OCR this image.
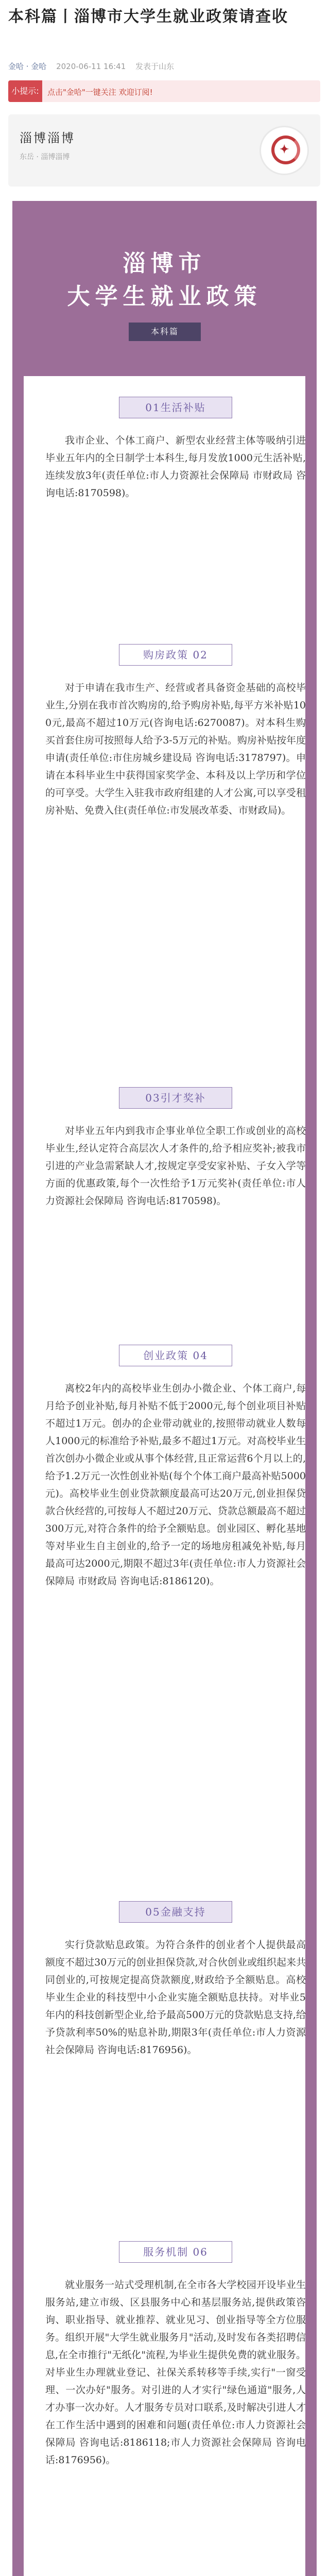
本科篇丨淄博市大学生就业政策请查收
金哈 · 金哈 2020-06-11 16:41 发表于山东
小提示:	点击"金哈"一键关注 欢迎订阅!
淄博淄博
东岳 · 淄博淄博
✦
淄博市
大学生就业政策
本科篇
01生活补贴

我市企业、个体工商户、新型农业经营主体等吸纳引进毕业五年内的全日制学士本科生,每月发放1000元生活补贴,连续发放3年(责任单位:市人力资源社会保障局 市财政局 咨询电话:8170598)。

购房政策 02

对于申请在我市生产、经营或者具备资金基础的高校毕业生,分别在我市首次购房的,给予购房补贴,每平方米补贴100元,最高不超过10万元(咨询电话:6270087)。对本科生购买首套住房可按照每人给予3-5万元的补贴。购房补贴按年度申请(责任单位:市住房城乡建设局 咨询电话:3178797)。申请在本科毕业生中获得国家奖学金、本科及以上学历和学位的可享受。大学生入驻我市政府组建的人才公寓,可以享受租房补贴、免费入住(责任单位:市发展改革委、市财政局)。

03引才奖补

对毕业五年内到我市企事业单位全职工作或创业的高校毕业生,经认定符合高层次人才条件的,给予相应奖补;被我市引进的产业急需紧缺人才,按规定享受安家补贴、子女入学等方面的优惠政策,每个一次性给予1万元奖补(责任单位:市人力资源社会保障局 咨询电话:8170598)。

创业政策 04

离校2年内的高校毕业生创办小微企业、个体工商户,每月给予创业补贴,每月补贴不低于2000元,每个创业项目补贴不超过1万元。创办的企业带动就业的,按照带动就业人数每人1000元的标准给予补贴,最多不超过1万元。对高校毕业生首次创办小微企业或从事个体经营,且正常运营6个月以上的,给予1.2万元一次性创业补贴(每个个体工商户最高补贴5000元)。高校毕业生创业贷款额度最高可达20万元,创业担保贷款合伙经营的,可按每人不超过20万元、贷款总额最高不超过300万元,对符合条件的给予全额贴息。创业园区、孵化基地等对毕业生自主创业的,给予一定的场地房租减免补贴,每月最高可达2000元,期限不超过3年(责任单位:市人力资源社会保障局 市财政局 咨询电话:8186120)。

05金融支持

实行贷款贴息政策。为符合条件的创业者个人提供最高额度不超过30万元的创业担保贷款,对合伙创业或组织起来共同创业的,可按规定提高贷款额度,财政给予全额贴息。高校毕业生企业的科技型中小企业实施全额贴息扶持。对毕业5年内的科技创新型企业,给予最高500万元的贷款贴息支持,给予贷款利率50%的贴息补助,期限3年(责任单位:市人力资源社会保障局 咨询电话:8176956)。

服务机制 06

就业服务一站式受理机制,在全市各大学校园开设毕业生服务站,建立市级、区县服务中心和基层服务站,提供政策咨询、职业指导、就业推荐、就业见习、创业指导等全方位服务。组织开展"大学生就业服务月"活动,及时发布各类招聘信息,在全市推行"无纸化"流程,为毕业生提供免费的就业服务。对毕业生办理就业登记、社保关系转移等手续,实行"一窗受理、一次办好"服务。对引进的人才实行"绿色通道"服务,人才办事一次办好。人才服务专员对口联系,及时解决引进人才在工作生活中遇到的困难和问题(责任单位:市人力资源社会保障局 咨询电话:8186118;市人力资源社会保障局 咨询电话:8176956)。
